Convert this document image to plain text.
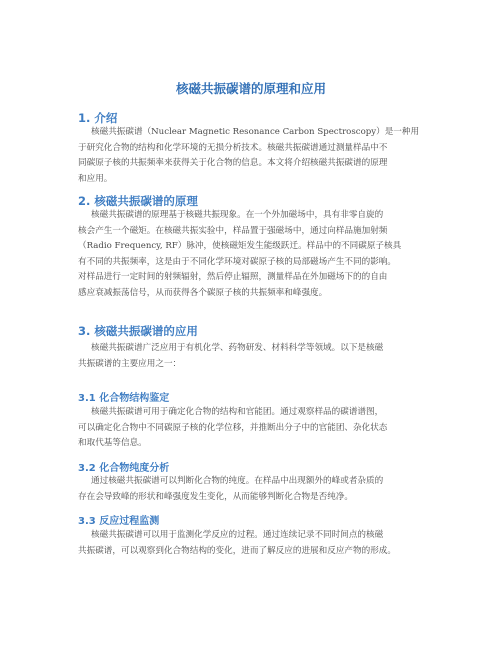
核磁共振碳谱的原理和应用
1. 介绍
核磁共振碳谱（Nuclear Magnetic Resonance Carbon Spectroscopy）是一种用
于研究化合物的结构和化学环境的无损分析技术。核磁共振碳谱通过测量样品中不
同碳原子核的共振频率来获得关于化合物的信息。本文将介绍核磁共振碳谱的原理
和应用。
2. 核磁共振碳谱的原理
核磁共振碳谱的原理基于核磁共振现象。在一个外加磁场中，具有非零自旋的
核会产生一个磁矩。在核磁共振实验中，样品置于强磁场中，通过向样品施加射频
（Radio Frequency, RF）脉冲，使核磁矩发生能级跃迁。样品中的不同碳原子核具
有不同的共振频率，这是由于不同化学环境对碳原子核的局部磁场产生不同的影响。
对样品进行一定时间的射频辐射，然后停止辐照，测量样品在外加磁场下的的自由
感应衰减振荡信号，从而获得各个碳原子核的共振频率和峰强度。
3. 核磁共振碳谱的应用
核磁共振碳谱广泛应用于有机化学、药物研发、材料科学等领域。以下是核磁
共振碳谱的主要应用之一：
3.1 化合物结构鉴定
核磁共振碳谱可用于确定化合物的结构和官能团。通过观察样品的碳谱谱图，
可以确定化合物中不同碳原子核的化学位移，并推断出分子中的官能团、杂化状态
和取代基等信息。
3.2 化合物纯度分析
通过核磁共振碳谱可以判断化合物的纯度。在样品中出现额外的峰或者杂质的
存在会导致峰的形状和峰强度发生变化，从而能够判断化合物是否纯净。
3.3 反应过程监测
核磁共振碳谱可以用于监测化学反应的过程。通过连续记录不同时间点的核磁
共振碳谱，可以观察到化合物结构的变化，进而了解反应的进展和反应产物的形成。
